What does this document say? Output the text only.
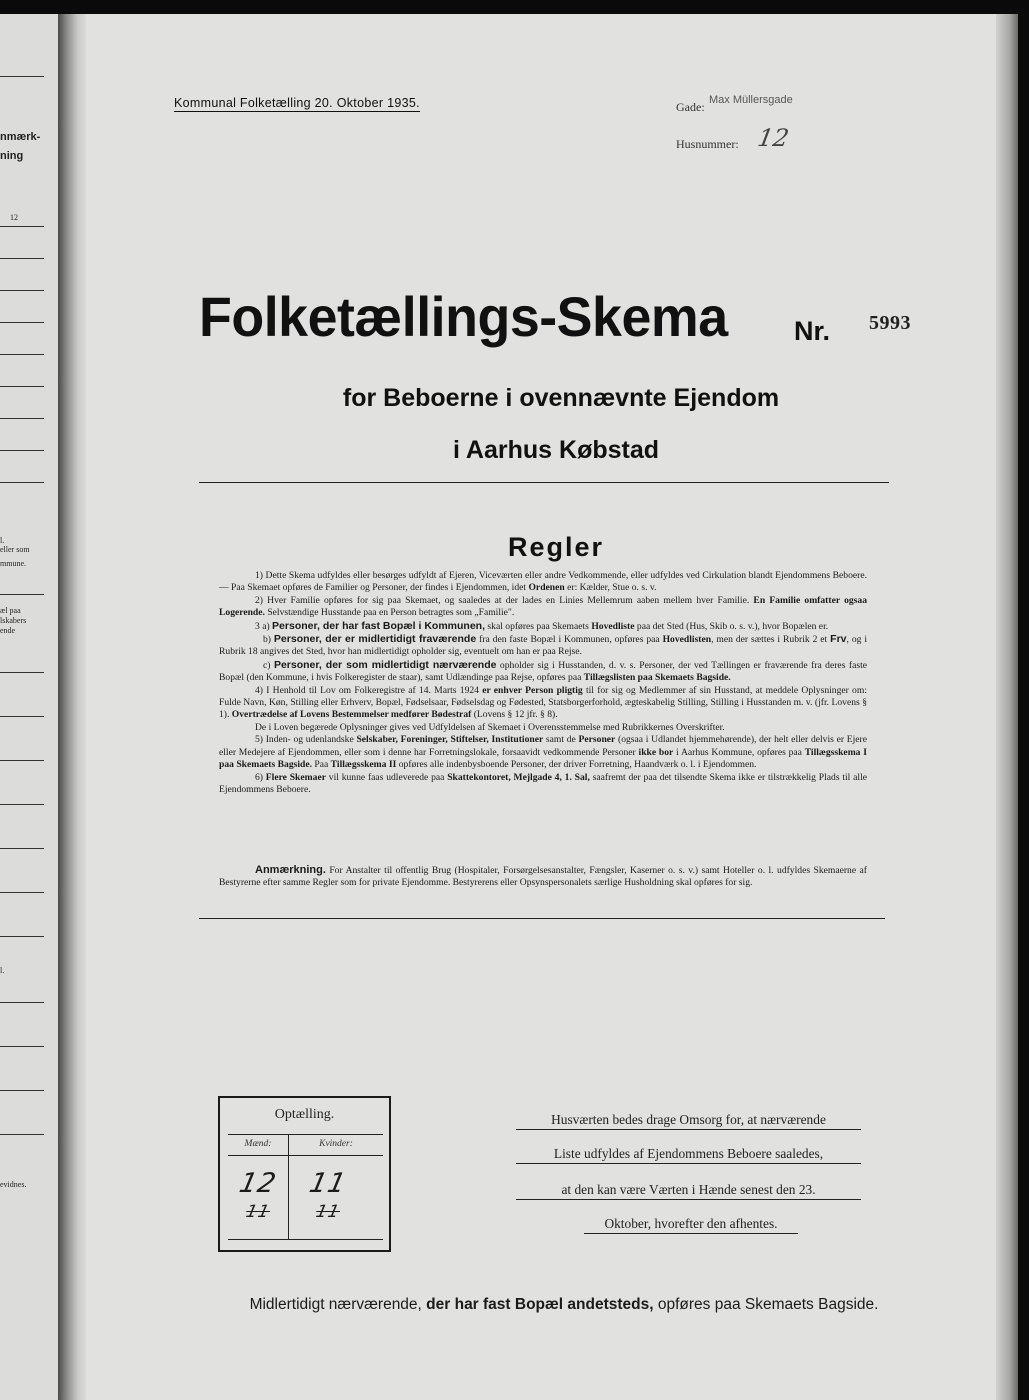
nmærk-
ning
12
l.
eller som
mmune.
æl paa
lskabers
ende
l.
evidnes.
Kommunal Folketælling 20. Oktober 1935.	Gade: Max Müllersgade
Husnummer: 12
Folketællings-Skema Nr. 5993
for Beboerne i ovennævnte Ejendom
i Aarhus Købstad
Regler

1) Dette Skema udfyldes eller besørges udfyldt af Ejeren, Viceværten eller andre Vedkommende, eller udfyldes ved Cirkulation blandt Ejendommens Beboere. — Paa Skemaet opføres de Familier og Personer, der findes i Ejendommen, idet Ordenen er: Kælder, Stue o. s. v.

2) Hver Familie opføres for sig paa Skemaet, og saaledes at der lades en Linies Mellemrum aaben mellem hver Familie. En Familie omfatter ogsaa Logerende. Selvstændige Husstande paa en Person betragtes som „Familie".

3 a) Personer, der har fast Bopæl i Kommunen, skal opføres paa Skemaets Hovedliste paa det Sted (Hus, Skib o. s. v.), hvor Bopælen er.

b) Personer, der er midlertidigt fraværende fra den faste Bopæl i Kommunen, opføres paa Hovedlisten, men der sættes i Rubrik 2 et Frv, og i Rubrik 18 angives det Sted, hvor han midlertidigt opholder sig, eventuelt om han er paa Rejse.

c) Personer, der som midlertidigt nærværende opholder sig i Husstanden, d. v. s. Personer, der ved Tællingen er fraværende fra deres faste Bopæl (den Kommune, i hvis Folkeregister de staar), samt Udlændinge paa Rejse, opføres paa Tillægslisten paa Skemaets Bagside.

4) I Henhold til Lov om Folkeregistre af 14. Marts 1924 er enhver Person pligtig til for sig og Medlemmer af sin Husstand, at meddele Oplysninger om: Fulde Navn, Køn, Stilling eller Erhverv, Bopæl, Fødselsaar, Fødselsdag og Fødested, Statsborgerforhold, ægteskabelig Stilling, Stilling i Husstanden m. v. (jfr. Lovens § 1). Overtrædelse af Lovens Bestemmelser medfører Bødestraf (Lovens § 12 jfr. § 8).

De i Loven begærede Oplysninger gives ved Udfyldelsen af Skemaet i Overensstemmelse med Rubrikkernes Overskrifter.

5) Inden- og udenlandske Selskaber, Foreninger, Stiftelser, Institutioner samt de Personer (ogsaa i Udlandet hjemmehørende), der helt eller delvis er Ejere eller Medejere af Ejendommen, eller som i denne har Forretningslokale, forsaavidt vedkommende Personer ikke bor i Aarhus Kommune, opføres paa Tillægsskema I paa Skemaets Bagside. Paa Tillægsskema II opføres alle indenbysboende Personer, der driver Forretning, Haandværk o. l. i Ejendommen.

6) Flere Skemaer vil kunne faas udleverede paa Skattekontoret, Mejlgade 4, 1. Sal, saafremt der paa det tilsendte Skema ikke er tilstrækkelig Plads til alle Ejendommens Beboere.

Anmærkning. For Anstalter til offentlig Brug (Hospitaler, Forsørgelsesanstalter, Fængsler, Kaserner o. s. v.) samt Hoteller o. l. udfyldes Skemaerne af Bestyrerne efter samme Regler som for private Ejendomme. Bestyrerens eller Opsynspersonalets særlige Husholdning skal opføres for sig.

Optælling.
Mænd:	Kvinder:
12	11
11	11
Husværten bedes drage Omsorg for, at nærværende
Liste udfyldes af Ejendommens Beboere saaledes,
at den kan være Værten i Hænde senest den 23.
Oktober, hvorefter den afhentes.
Midlertidigt nærværende, der har fast Bopæl andetsteds, opføres paa Skemaets Bagside.
